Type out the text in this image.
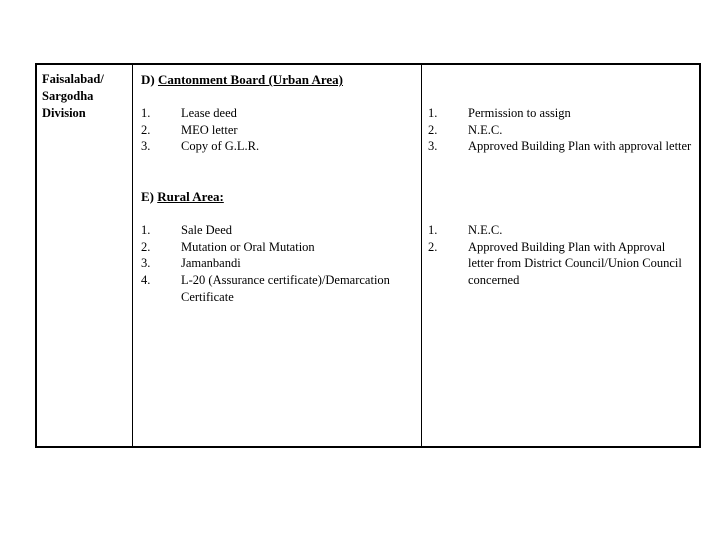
Faisalabad/
Sargodha
Division
D) Cantonment Board (Urban Area)
1. Lease deed
2. MEO letter
3. Copy of G.L.R.
1. Permission to assign
2. N.E.C.
3. Approved Building Plan with approval letter
E) Rural Area:
1. Sale Deed
2. Mutation or Oral Mutation
3. Jamanbandi
4. L-20 (Assurance certificate)/Demarcation Certificate
1. N.E.C.
2. Approved Building Plan with Approval letter from District Council/Union Council concerned
